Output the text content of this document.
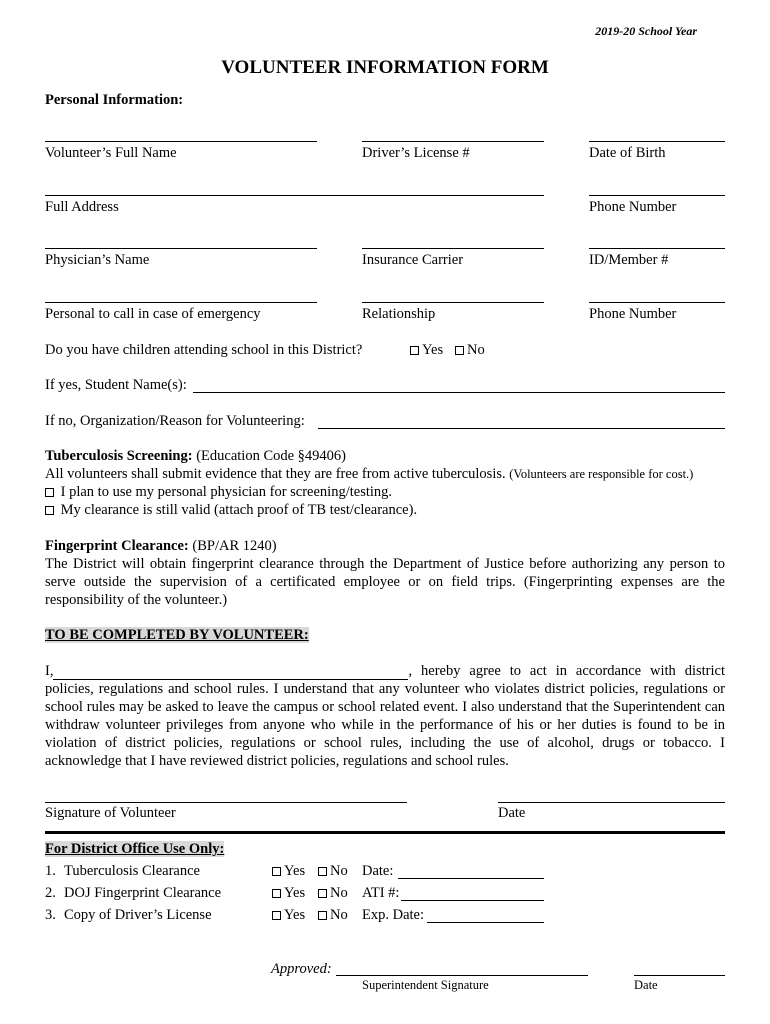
2019-20 School Year
VOLUNTEER INFORMATION FORM
Personal Information:
Volunteer’s Full Name	Driver’s License #	Date of Birth
Full Address	Phone Number
Physician’s Name	Insurance Carrier	ID/Member #
Personal to call in case of emergency	Relationship	Phone Number
Do you have children attending school in this District?	Yes	No
If yes, Student Name(s):
If no, Organization/Reason for Volunteering:
Tuberculosis Screening: (Education Code §49406)
All volunteers shall submit evidence that they are free from active tuberculosis. (Volunteers are responsible for cost.)
I plan to use my personal physician for screening/testing.
My clearance is still valid (attach proof of TB test/clearance).
Fingerprint Clearance: (BP/AR 1240)
The District will obtain fingerprint clearance through the Department of Justice before authorizing any person to serve outside the supervision of a certificated employee or on field trips. (Fingerprinting expenses are the responsibility of the volunteer.)
TO BE COMPLETED BY VOLUNTEER:
I,	, hereby agree to act in accordance with district policies, regulations and school rules. I understand that any volunteer who violates district policies, regulations or school rules may be asked to leave the campus or school related event. I also understand that the Superintendent can withdraw volunteer privileges from anyone who while in the performance of his or her duties is found to be in violation of district policies, regulations or school rules, including the use of alcohol, drugs or tobacco. I acknowledge that I have reviewed district policies, regulations and school rules.
Signature of Volunteer	Date
For District Office Use Only:
1. Tuberculosis Clearance	Yes	No Date:
2. DOJ Fingerprint Clearance	Yes	No ATI #:
3. Copy of Driver’s License	Yes	No Exp. Date:
Approved:
Superintendent Signature	Date
